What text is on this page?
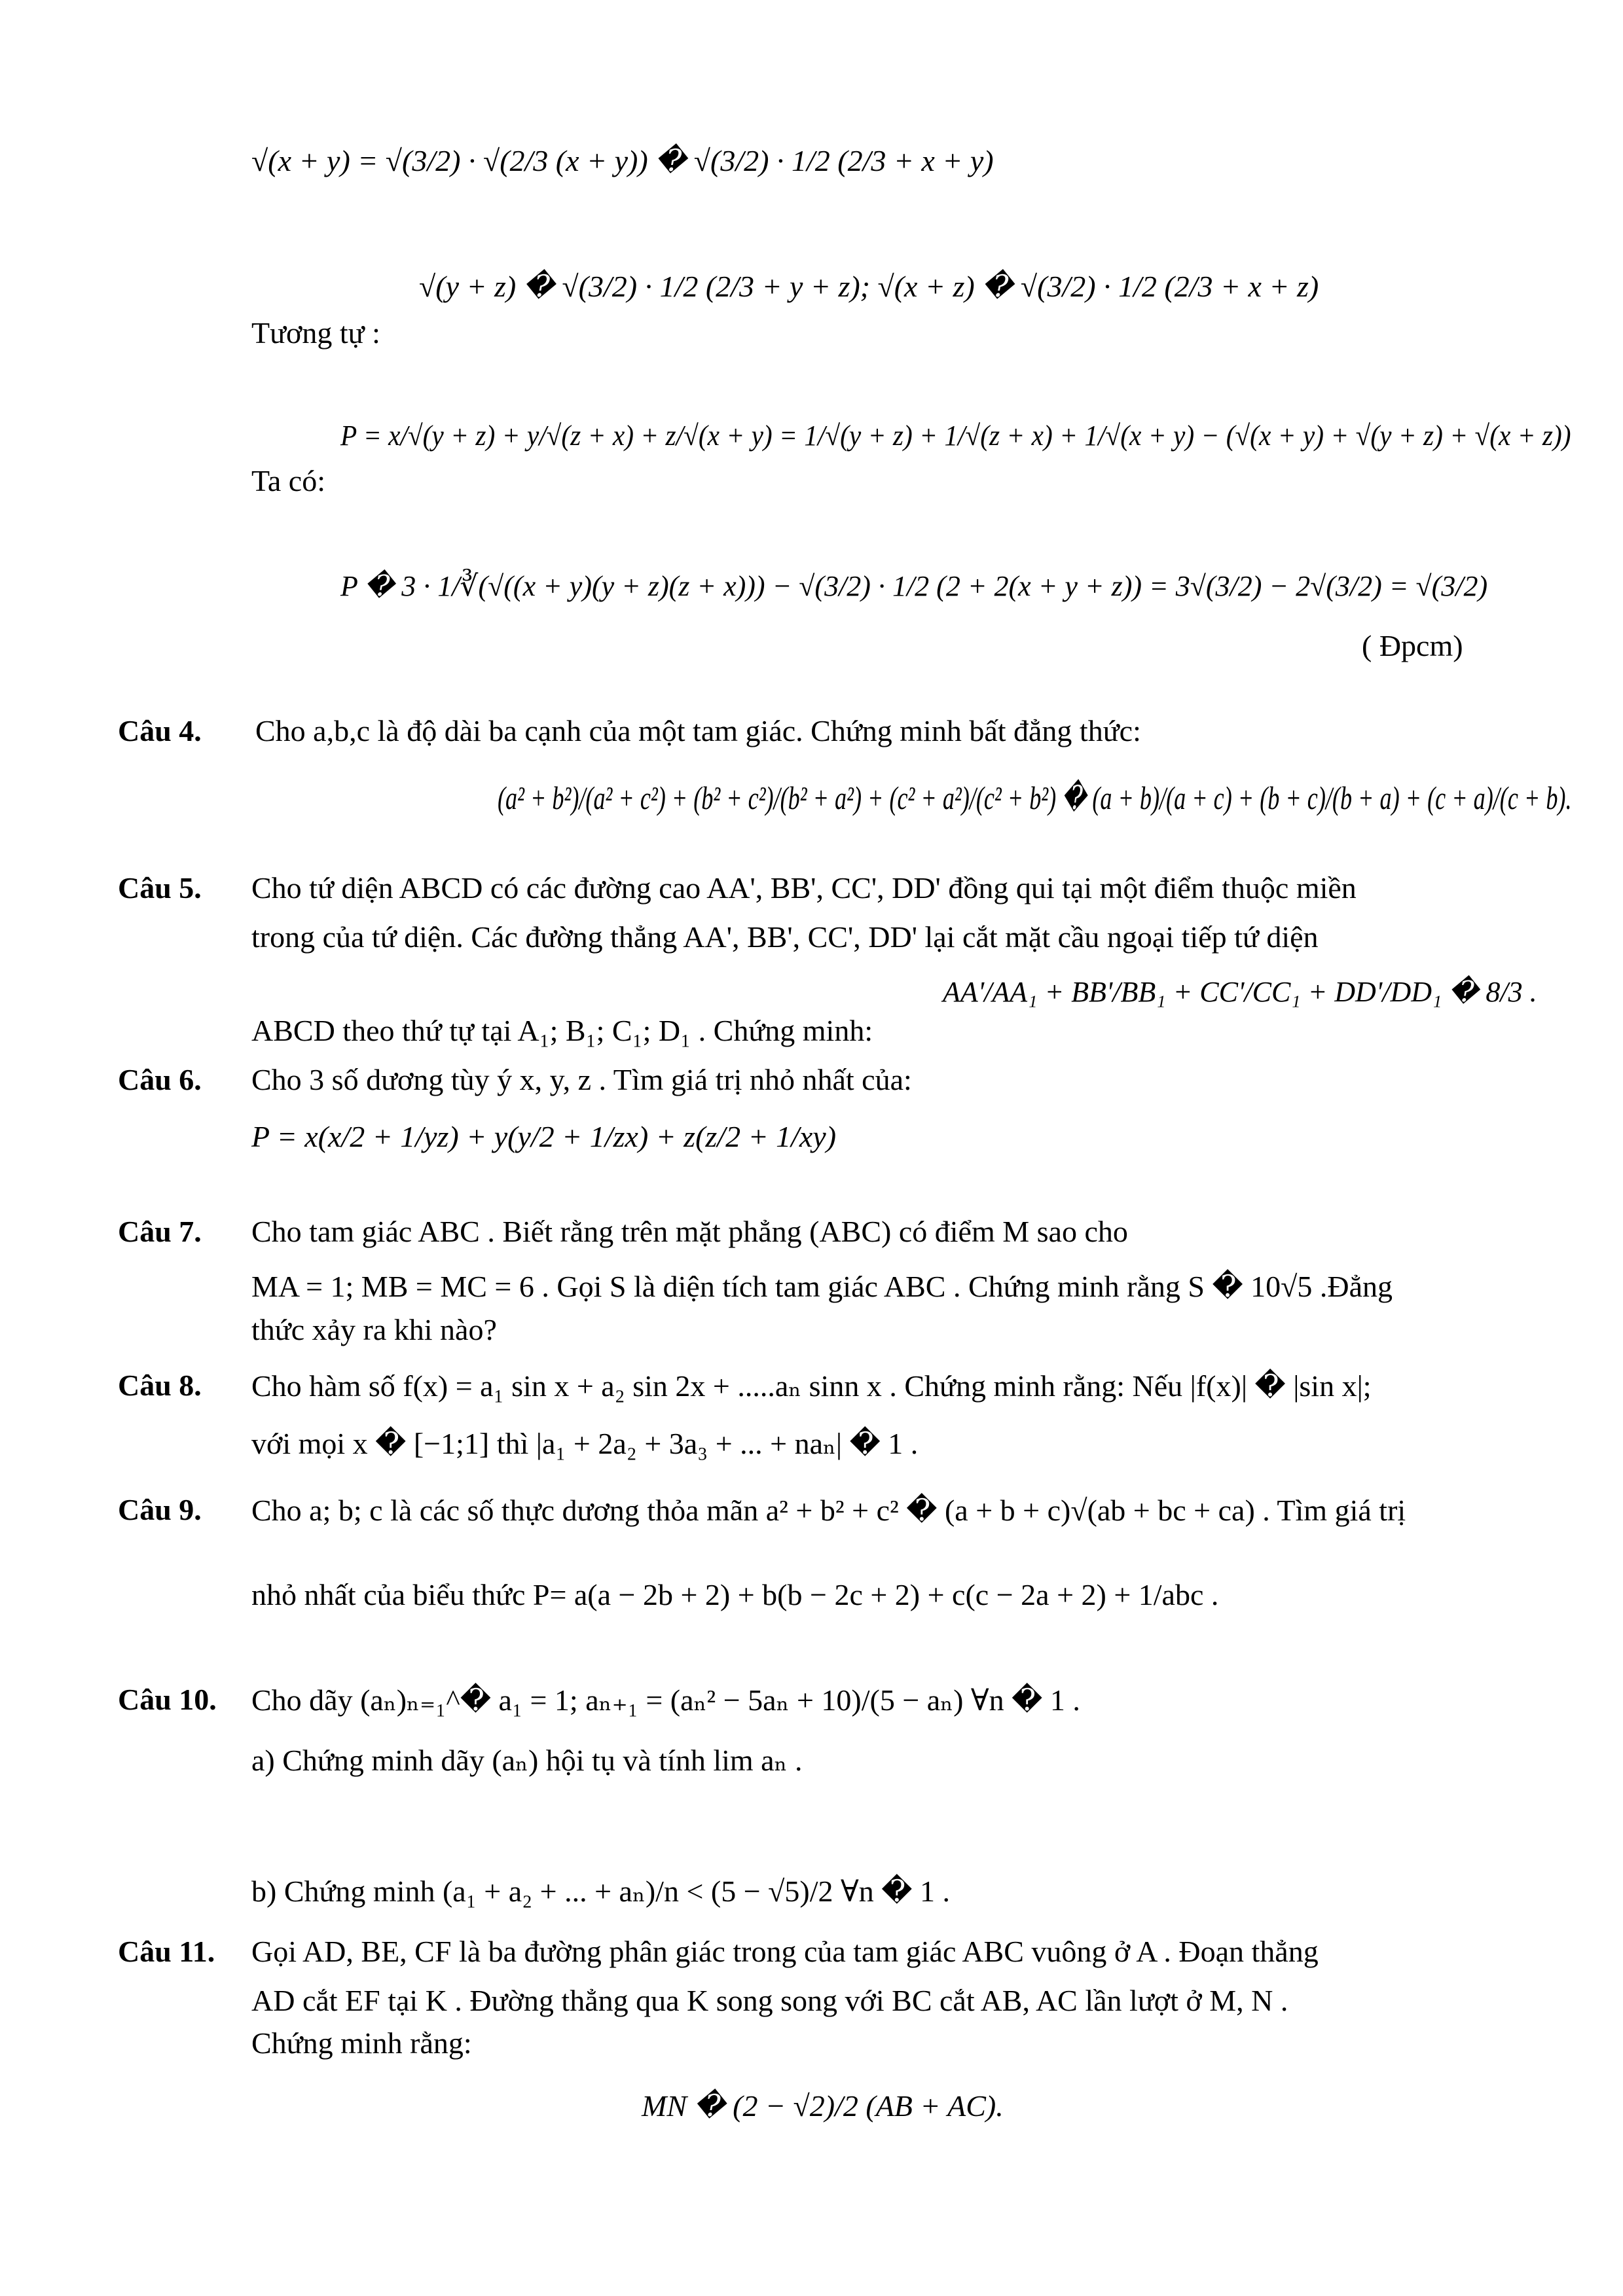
√(x + y) = √(3/2) · √(2/3 (x + y)) � √(3/2) · 1/2 (2/3 + x + y)
Tương tự :
√(y + z) � √(3/2) · 1/2 (2/3 + y + z); √(x + z) � √(3/2) · 1/2 (2/3 + x + z)
Ta có:
P = x/√(y + z) + y/√(z + x) + z/√(x + y) = 1/√(y + z) + 1/√(z + x) + 1/√(x + y) − (√(x + y) + √(y + z) + √(x + z))
P � 3 · 1/∛(√((x + y)(y + z)(z + x))) − √(3/2) · 1/2 (2 + 2(x + y + z)) = 3√(3/2) − 2√(3/2) = √(3/2)
( Đpcm)
Câu 4. Cho a,b,c là độ dài ba cạnh của một tam giác. Chứng minh bất đẳng thức:
(a² + b²)/(a² + c²) + (b² + c²)/(b² + a²) + (c² + a²)/(c² + b²) � (a + b)/(a + c) + (b + c)/(b + a) + (c + a)/(c + b).
Câu 5. Cho tứ diện ABCD có các đường cao AA', BB', CC', DD' đồng qui tại một điểm thuộc miền
trong của tứ diện. Các đường thẳng AA', BB', CC', DD' lại cắt mặt cầu ngoại tiếp tứ diện
ABCD theo thứ tự tại A₁; B₁; C₁; D₁ . Chứng minh:
AA'/AA₁ + BB'/BB₁ + CC'/CC₁ + DD'/DD₁ � 8/3 .
Câu 6. Cho 3 số dương tùy ý x, y, z . Tìm giá trị nhỏ nhất của:
P = x(x/2 + 1/yz) + y(y/2 + 1/zx) + z(z/2 + 1/xy)
Câu 7. Cho tam giác ABC . Biết rằng trên mặt phẳng (ABC) có điểm M sao cho
MA = 1; MB = MC = 6 . Gọi S là diện tích tam giác ABC . Chứng minh rằng S � 10√5 .Đẳng
thức xảy ra khi nào?
Câu 8. Cho hàm số f(x) = a₁ sin x + a₂ sin 2x + .....aₙ sinn x . Chứng minh rằng: Nếu |f(x)| � |sin x|;
với mọi x � [−1;1] thì |a₁ + 2a₂ + 3a₃ + ... + naₙ| � 1 .
Câu 9. Cho a; b; c là các số thực dương thỏa mãn a² + b² + c² � (a + b + c)√(ab + bc + ca) . Tìm giá trị
nhỏ nhất của biểu thức P= a(a − 2b + 2) + b(b − 2c + 2) + c(c − 2a + 2) + 1/abc .
Câu 10. Cho dãy (aₙ)ₙ₌₁^� a₁ = 1; aₙ₊₁ = (aₙ² − 5aₙ + 10)/(5 − aₙ) ∀n � 1 .
a) Chứng minh dãy (aₙ) hội tụ và tính lim aₙ .
b) Chứng minh (a₁ + a₂ + ... + aₙ)/n < (5 − √5)/2 ∀n � 1 .
Câu 11. Gọi AD, BE, CF là ba đường phân giác trong của tam giác ABC vuông ở A . Đoạn thẳng
AD cắt EF tại K . Đường thẳng qua K song song với BC cắt AB, AC lần lượt ở M, N .
Chứng minh rằng:
MN � (2 − √2)/2 (AB + AC).
